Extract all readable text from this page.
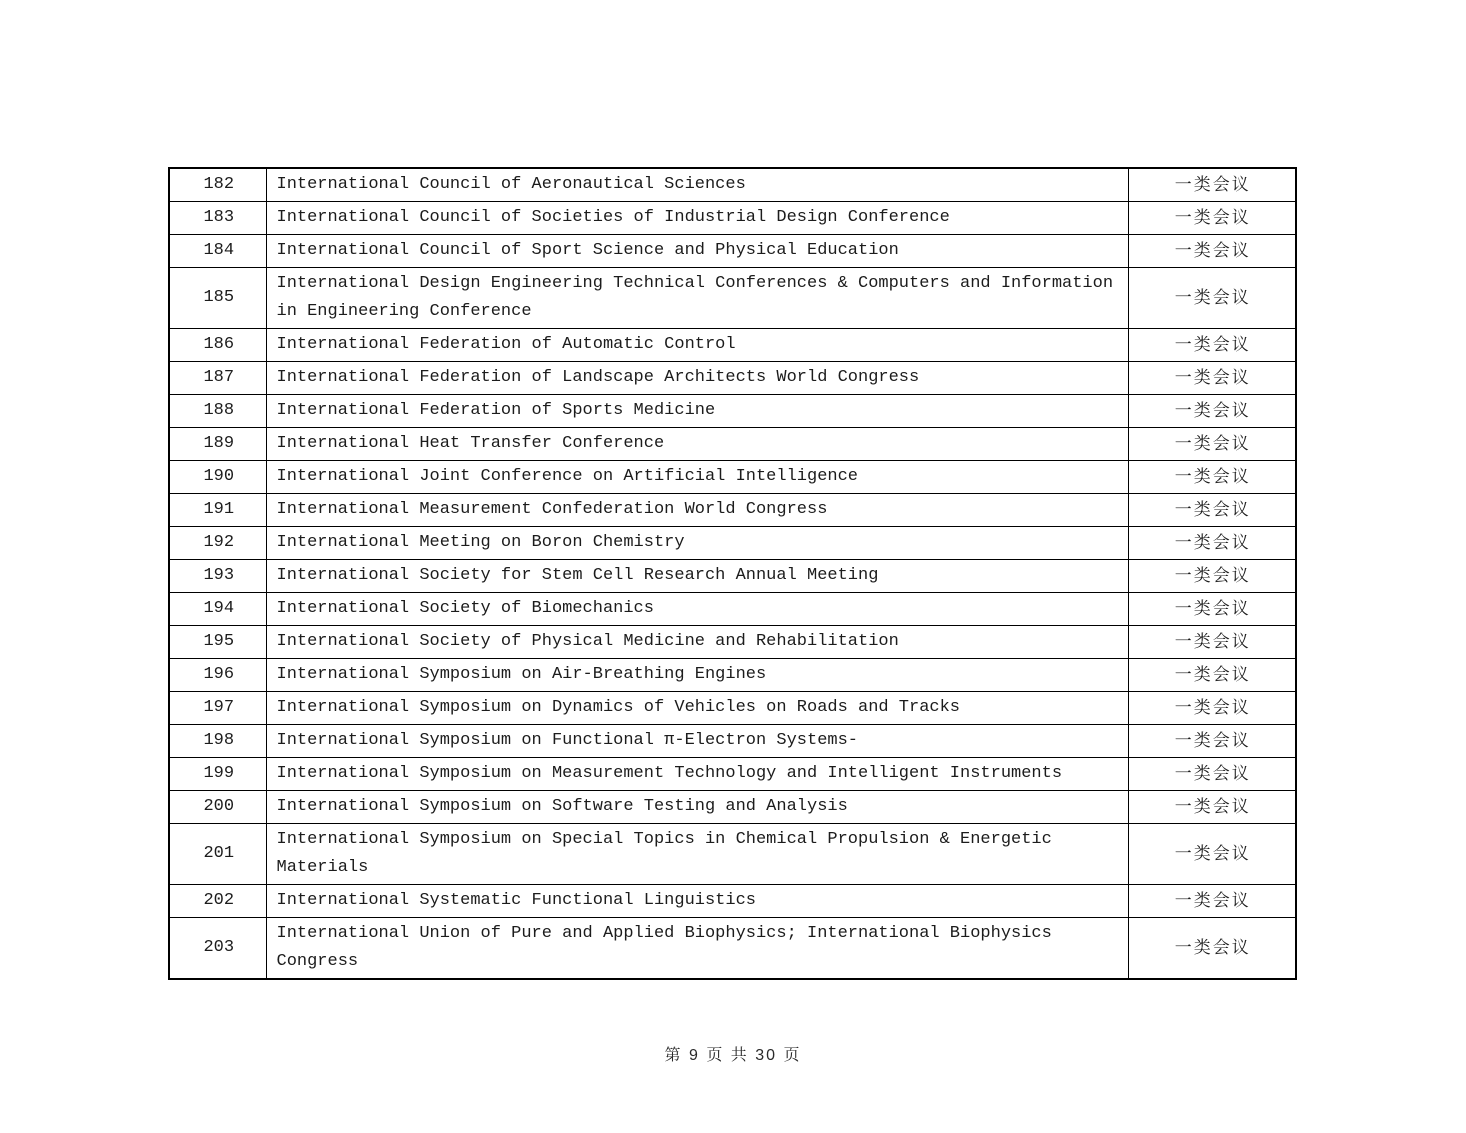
182	International Council of Aeronautical Sciences	一类会议
183	International Council of Societies of Industrial Design Conference	一类会议
184	International Council of Sport Science and Physical Education	一类会议
185	International Design Engineering Technical Conferences & Computers and Information in Engineering Conference	一类会议
186	International Federation of Automatic Control	一类会议
187	International Federation of Landscape Architects World Congress	一类会议
188	International Federation of Sports Medicine	一类会议
189	International Heat Transfer Conference	一类会议
190	International Joint Conference on Artificial Intelligence	一类会议
191	International Measurement Confederation World Congress	一类会议
192	International Meeting on Boron Chemistry	一类会议
193	International Society for Stem Cell Research Annual Meeting	一类会议
194	International Society of Biomechanics	一类会议
195	International Society of Physical Medicine and Rehabilitation	一类会议
196	International Symposium on Air-Breathing Engines	一类会议
197	International Symposium on Dynamics of Vehicles on Roads and Tracks	一类会议
198	International Symposium on Functional π-Electron Systems-	一类会议
199	International Symposium on Measurement Technology and Intelligent Instruments	一类会议
200	International Symposium on Software Testing and Analysis	一类会议
201	International Symposium on Special Topics in Chemical Propulsion & Energetic Materials	一类会议
202	International Systematic Functional Linguistics	一类会议
203	International Union of Pure and Applied Biophysics; International Biophysics Congress	一类会议
第 9 页 共 30 页
